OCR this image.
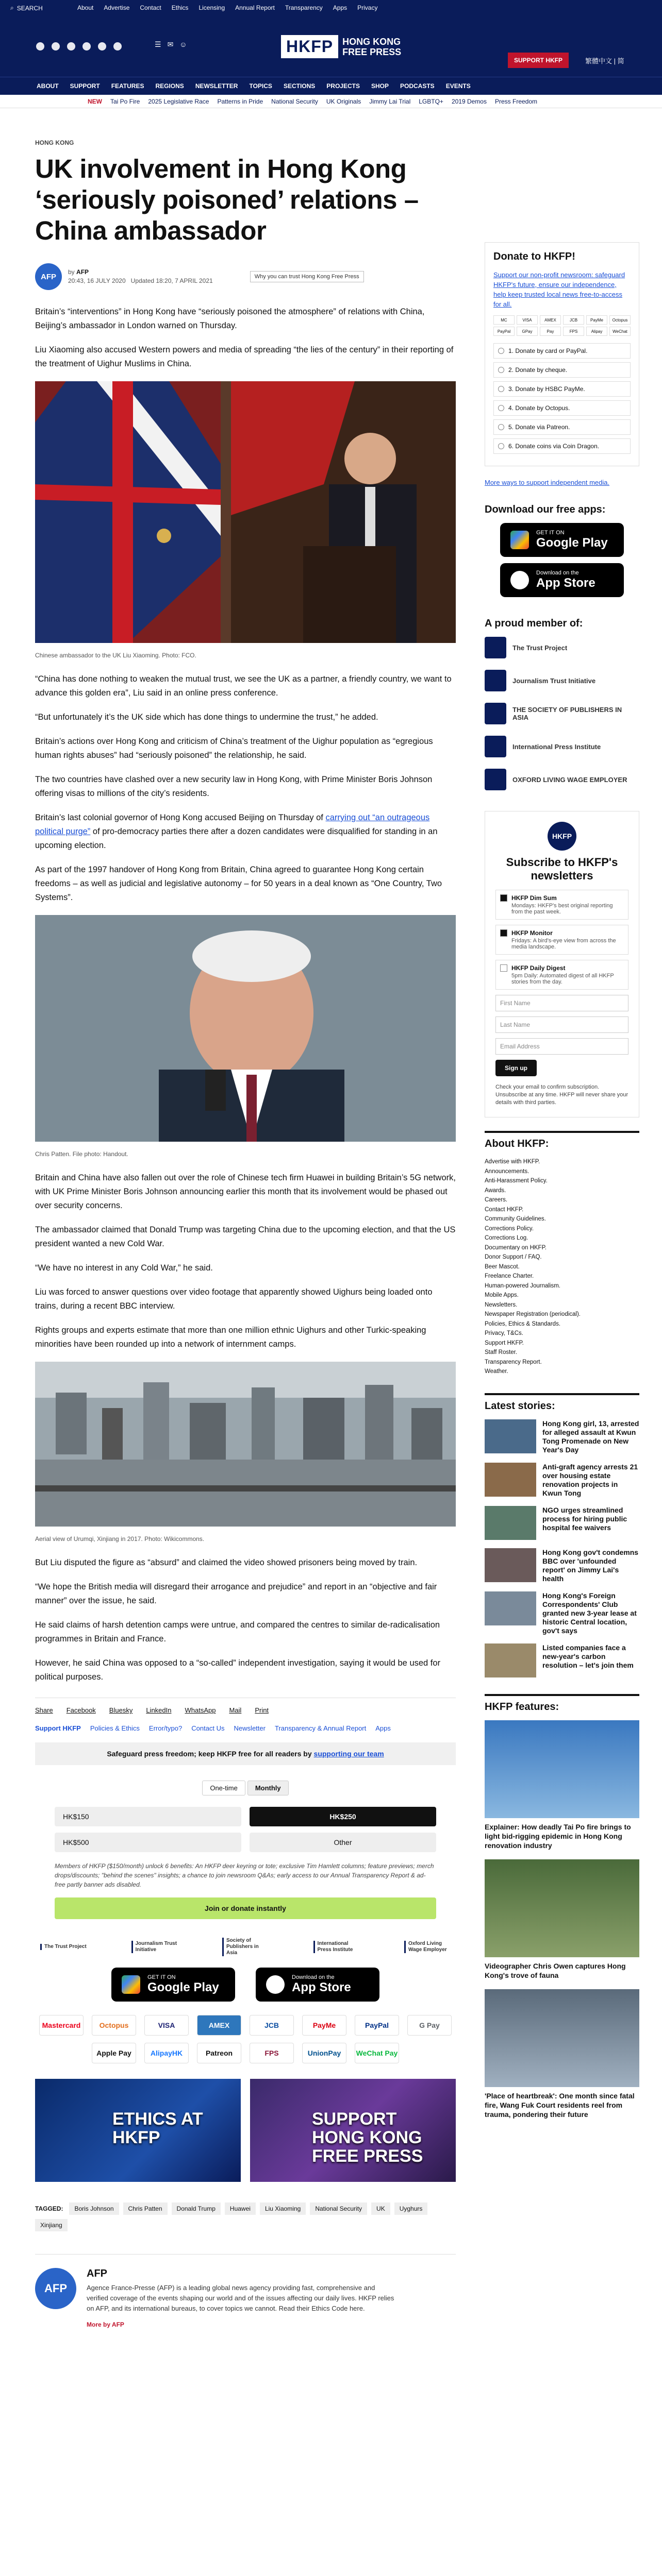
⌕ SEARCH	About Advertise Contact Ethics Licensing Annual Report Transparency Apps Privacy
☰ ✉ ☺	HKFP	HONG KONG
FREE PRESS
SUPPORT HKFP	繁體中文 | 简
ABOUT	SUPPORT	FEATURES	REGIONS	NEWSLETTER	TOPICS	SECTIONS	PROJECTS	SHOP	PODCASTS	EVENTS
NEW Tai Po Fire 2025 Legislative Race Patterns in Pride National Security UK Originals Jimmy Lai Trial LGBTQ+ 2019 Demos Press Freedom
HONG KONG
UK involvement in Hong Kong ‘seriously poisoned’ relations – China ambassador
AFP
by AFP
20:43, 16 JULY 2020 Updated 18:20, 7 APRIL 2021
Why you can trust Hong Kong Free Press

Britain’s “interventions” in Hong Kong have “seriously poisoned the atmosphere” of relations with China, Beijing’s ambassador in London warned on Thursday.

Liu Xiaoming also accused Western powers and media of spreading “the lies of the century” in their reporting of the treatment of Uighur Muslims in China.

Chinese ambassador to the UK Liu Xiaoming. Photo: FCO.

“China has done nothing to weaken the mutual trust, we see the UK as a partner, a friendly country, we want to advance this golden era”, Liu said in an online press conference.

“But unfortunately it’s the UK side which has done things to undermine the trust,” he added.

Britain’s actions over Hong Kong and criticism of China’s treatment of the Uighur population as “egregious human rights abuses” had “seriously poisoned” the relationship, he said.

The two countries have clashed over a new security law in Hong Kong, with Prime Minister Boris Johnson offering visas to millions of the city’s residents.

Britain’s last colonial governor of Hong Kong accused Beijing on Thursday of carrying out “an outrageous political purge” of pro-democracy parties there after a dozen candidates were disqualified for standing in an upcoming election.

As part of the 1997 handover of Hong Kong from Britain, China agreed to guarantee Hong Kong certain freedoms – as well as judicial and legislative autonomy – for 50 years in a deal known as “One Country, Two Systems”.

Chris Patten. File photo: Handout.

Britain and China have also fallen out over the role of Chinese tech firm Huawei in building Britain’s 5G network, with UK Prime Minister Boris Johnson announcing earlier this month that its involvement would be phased out over security concerns.

The ambassador claimed that Donald Trump was targeting China due to the upcoming election, and that the US president wanted a new Cold War.

“We have no interest in any Cold War,” he said.

Liu was forced to answer questions over video footage that apparently showed Uighurs being loaded onto trains, during a recent BBC interview.

Rights groups and experts estimate that more than one million ethnic Uighurs and other Turkic-speaking minorities have been rounded up into a network of internment camps.

Aerial view of Urumqi, Xinjiang in 2017. Photo: Wikicommons.

But Liu disputed the figure as “absurd” and claimed the video showed prisoners being moved by train.

“We hope the British media will disregard their arrogance and prejudice” and report in an “objective and fair manner” over the issue, he said.

He said claims of harsh detention camps were untrue, and compared the centres to similar de-radicalisation programmes in Britain and France.

However, he said China was opposed to a “so-called” independent investigation, saying it would be used for political purposes.

Share Facebook Bluesky LinkedIn WhatsApp Mail Print
Support HKFP Policies & Ethics Error/typo? Contact Us Newsletter Transparency & Annual Report Apps
Safeguard press freedom; keep HKFP free for all readers by supporting our team
One-time	Monthly
HK$150	HK$250
HK$500	Other
Members of HKFP ($150/month) unlock 6 benefits: An HKFP deer keyring or tote; exclusive Tim Hamlett columns; feature previews; merch drops/discounts; "behind the scenes" insights; a chance to join newsroom Q&As; early access to our Annual Transparency Report & ad-free partly banner ads disabled.
Join or donate instantly
The Trust Project
Journalism Trust Initiative
Society of Publishers in Asia
International Press Institute
Oxford Living Wage Employer
GET IT ON
Google Play
Download on the
App Store
Mastercard	Octopus	VISA	AMEX	JCB	PayMe	PayPal	G Pay
Apple Pay	AlipayHK	Patreon	FPS	UnionPay	WeChat Pay
ETHICS AT HKFP
SUPPORT HONG KONG FREE PRESS
TAGGED:	Boris Johnson	Chris Patten	Donald Trump	Huawei	Liu Xiaoming	National Security	UK	Uyghurs
Xinjiang
AFP
AFP
Agence France-Presse (AFP) is a leading global news agency providing fast, comprehensive and verified coverage of the events shaping our world and of the issues affecting our daily lives. HKFP relies on AFP, and its international bureaus, to cover topics we cannot. Read their Ethics Code here.
More by AFP
Donate to HKFP!
Support our non-profit newsroom: safeguard HKFP's future, ensure our independence, help keep trusted local news free-to-access for all.
MC	VISA	AMEX	JCB	PayMe	Octopus
PayPal	GPay	Pay	FPS	Alipay	WeChat
1. Donate by card or PayPal.
2. Donate by cheque.
3. Donate by HSBC PayMe.
4. Donate by Octopus.
5. Donate via Patreon.
6. Donate coins via Coin Dragon.
More ways to support independent media.
Download our free apps:
GET IT ON
Google Play
Download on the
App Store
A proud member of:
The Trust Project
Journalism Trust Initiative
THE SOCIETY OF PUBLISHERS IN ASIA
International Press Institute
OXFORD LIVING WAGE EMPLOYER
HKFP
Subscribe to HKFP's newsletters
HKFP Dim Sum
Mondays: HKFP's best original reporting from the past week.
HKFP Monitor
Fridays: A bird's-eye view from across the media landscape.
HKFP Daily Digest
5pm Daily: Automated digest of all HKFP stories from the day.
First Name
Last Name
Email Address
Sign up
Check your email to confirm subscription. Unsubscribe at any time. HKFP will never share your details with third parties.
About HKFP:
Advertise with HKFP.
Announcements.
Anti-Harassment Policy.
Awards.
Careers.
Contact HKFP.
Community Guidelines.
Corrections Policy.
Corrections Log.
Documentary on HKFP.
Donor Support / FAQ.
Beer Mascot.
Freelance Charter.
Human-powered Journalism.
Mobile Apps.
Newsletters.
Newspaper Registration (periodical).
Policies, Ethics & Standards.
Privacy, T&Cs.
Support HKFP.
Staff Roster.
Transparency Report.
Weather.
Latest stories:
Hong Kong girl, 13, arrested for alleged assault at Kwun Tong Promenade on New Year's Day
Anti-graft agency arrests 21 over housing estate renovation projects in Kwun Tong
NGO urges streamlined process for hiring public hospital fee waivers
Hong Kong gov't condemns BBC over 'unfounded report' on Jimmy Lai's health
Hong Kong's Foreign Correspondents' Club granted new 3-year lease at historic Central location, gov't says
Listed companies face a new-year's carbon resolution – let's join them
HKFP features:
Explainer: How deadly Tai Po fire brings to light bid-rigging epidemic in Hong Kong renovation industry
Videographer Chris Owen captures Hong Kong's trove of fauna
'Place of heartbreak': One month since fatal fire, Wang Fuk Court residents reel from trauma, pondering their future
